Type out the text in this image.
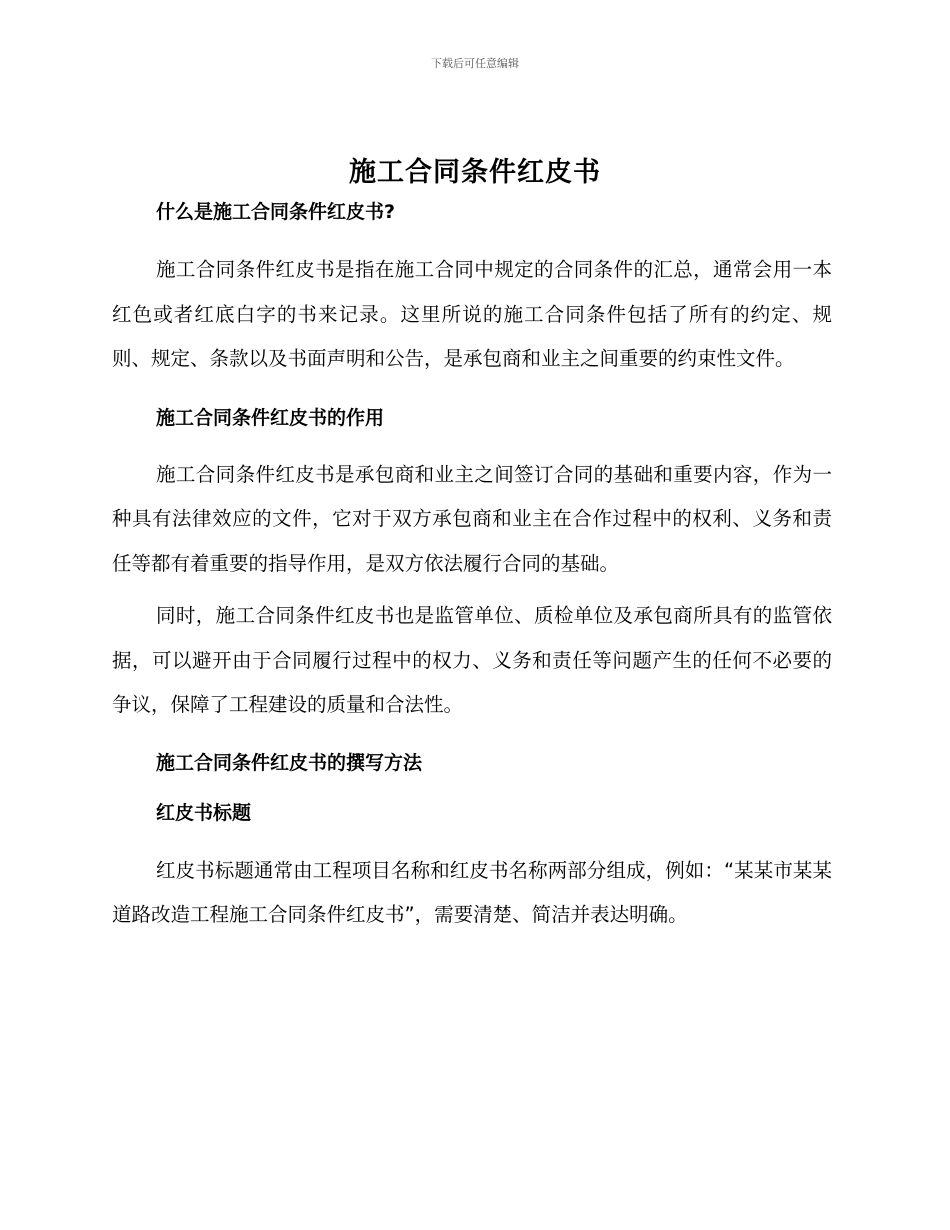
下载后可任意编辑
施工合同条件红皮书

什么是施工合同条件红皮书?

施工合同条件红皮书是指在施工合同中规定的合同条件的汇总，通常会用一本红色或者红底白字的书来记录。这里所说的施工合同条件包括了所有的约定、规则、规定、条款以及书面声明和公告，是承包商和业主之间重要的约束性文件。

施工合同条件红皮书的作用

施工合同条件红皮书是承包商和业主之间签订合同的基础和重要内容，作为一种具有法律效应的文件，它对于双方承包商和业主在合作过程中的权利、义务和责任等都有着重要的指导作用，是双方依法履行合同的基础。

同时，施工合同条件红皮书也是监管单位、质检单位及承包商所具有的监管依据，可以避开由于合同履行过程中的权力、义务和责任等问题产生的任何不必要的争议，保障了工程建设的质量和合法性。

施工合同条件红皮书的撰写方法

红皮书标题

红皮书标题通常由工程项目名称和红皮书名称两部分组成，例如：“某某市某某道路改造工程施工合同条件红皮书”，需要清楚、简洁并表达明确。
